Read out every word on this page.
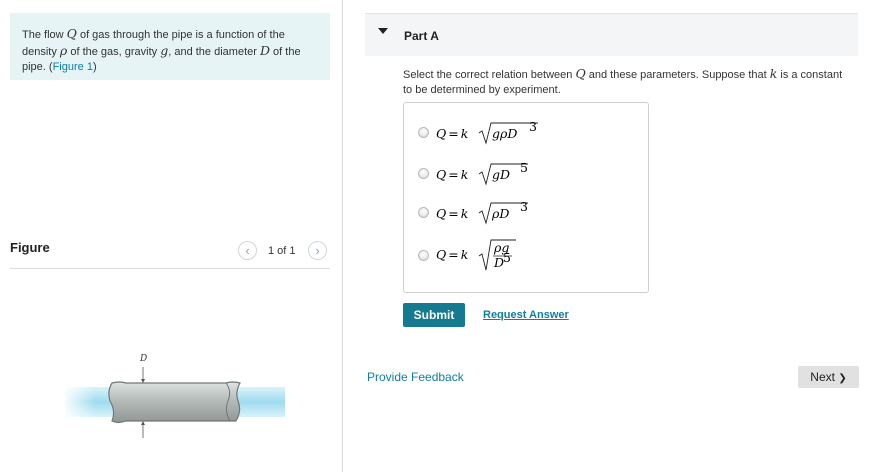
The flow Q of gas through the pipe is a function of the density ρ of the gas, gravity g, and the diameter D of the pipe. (Figure 1)
Figure	‹	1 of 1	›
D
Part A
Select the correct relation between Q and these parameters. Suppose that k is a constant to be determined by experiment.
Q = k gρD 3
Q = k gD 5
Q = k ρD 3
Q = k ρg
D
5
Submit	Request Answer
Provide Feedback	Next ❯
